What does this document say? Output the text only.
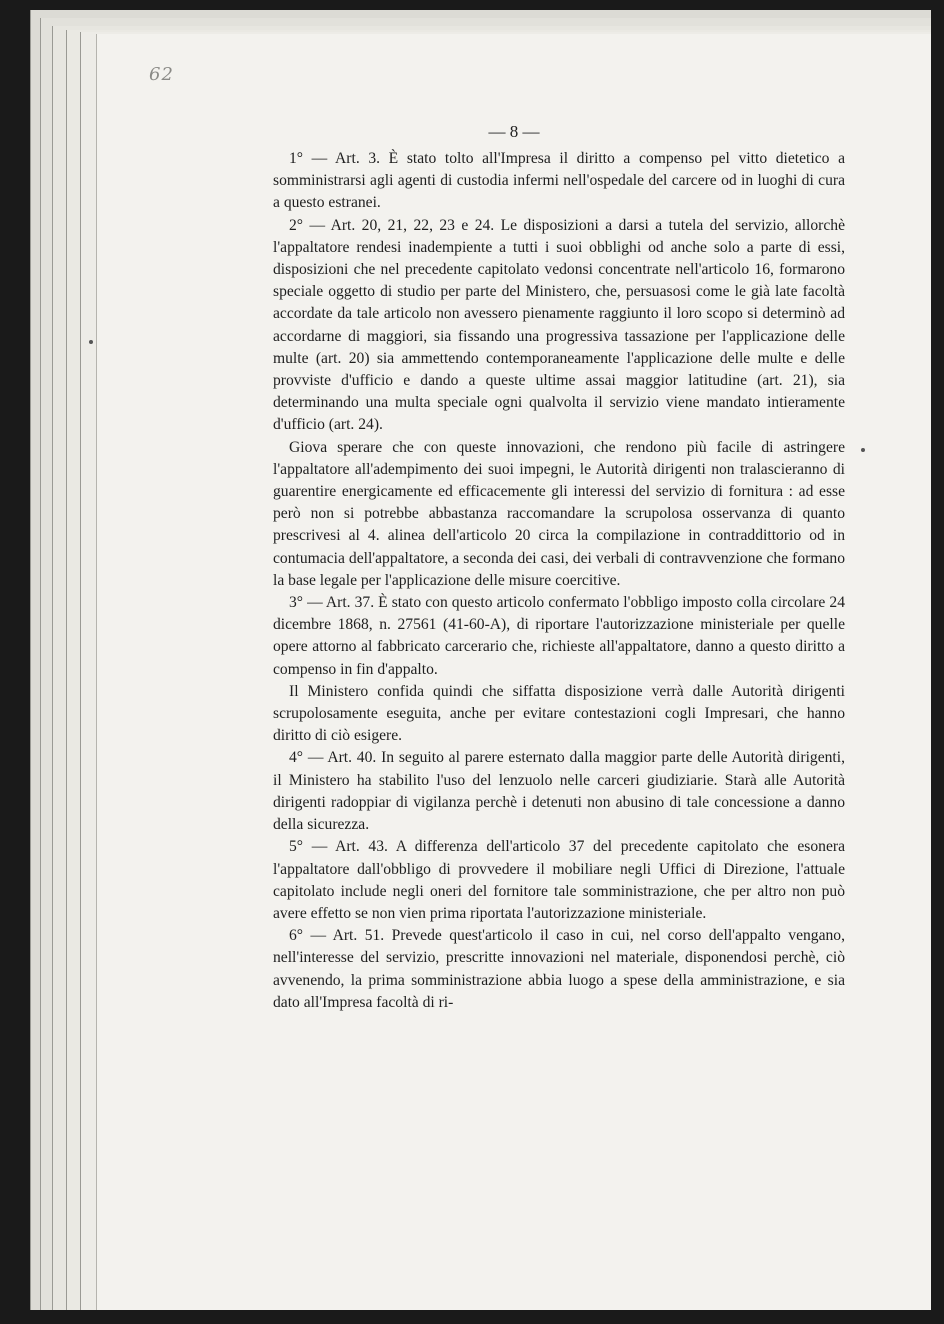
62
— 8 —

1° — Art. 3. È stato tolto all'Impresa il diritto a compenso pel vitto dietetico a somministrarsi agli agenti di custodia infermi nell'ospedale del carcere od in luoghi di cura a questo estranei.

2° — Art. 20, 21, 22, 23 e 24. Le disposizioni a darsi a tutela del servizio, allorchè l'appaltatore rendesi inadempiente a tutti i suoi obblighi od anche solo a parte di essi, disposizioni che nel precedente capitolato vedonsi concentrate nell'articolo 16, formarono speciale oggetto di studio per parte del Ministero, che, persuasosi come le già late facoltà accordate da tale articolo non avessero pienamente raggiunto il loro scopo si determinò ad accordarne di maggiori, sia fissando una progressiva tassazione per l'applicazione delle multe (art. 20) sia ammettendo contemporaneamente l'applicazione delle multe e delle provviste d'ufficio e dando a queste ultime assai maggior latitudine (art. 21), sia determinando una multa speciale ogni qualvolta il servizio viene mandato intieramente d'ufficio (art. 24).

Giova sperare che con queste innovazioni, che rendono più facile di astringere l'appaltatore all'adempimento dei suoi impegni, le Autorità dirigenti non tralascieranno di guarentire energicamente ed efficacemente gli interessi del servizio di fornitura : ad esse però non si potrebbe abbastanza raccomandare la scrupolosa osservanza di quanto prescrivesi al 4. alinea dell'articolo 20 circa la compilazione in contraddittorio od in contumacia dell'appaltatore, a seconda dei casi, dei verbali di contravvenzione che formano la base legale per l'applicazione delle misure coercitive.

3° — Art. 37. È stato con questo articolo confermato l'obbligo imposto colla circolare 24 dicembre 1868, n. 27561 (41-60-A), di riportare l'autorizzazione ministeriale per quelle opere attorno al fabbricato carcerario che, richieste all'appaltatore, danno a questo diritto a compenso in fin d'appalto.

Il Ministero confida quindi che siffatta disposizione verrà dalle Autorità dirigenti scrupolosamente eseguita, anche per evitare contestazioni cogli Impresari, che hanno diritto di ciò esigere.

4° — Art. 40. In seguito al parere esternato dalla maggior parte delle Autorità dirigenti, il Ministero ha stabilito l'uso del lenzuolo nelle carceri giudiziarie. Starà alle Autorità dirigenti radoppiar di vigilanza perchè i detenuti non abusino di tale concessione a danno della sicurezza.

5° — Art. 43. A differenza dell'articolo 37 del precedente capitolato che esonera l'appaltatore dall'obbligo di provvedere il mobiliare negli Uffici di Direzione, l'attuale capitolato include negli oneri del fornitore tale somministrazione, che per altro non può avere effetto se non vien prima riportata l'autorizzazione ministeriale.

6° — Art. 51. Prevede quest'articolo il caso in cui, nel corso dell'appalto vengano, nell'interesse del servizio, prescritte innovazioni nel materiale, disponendosi perchè, ciò avvenendo, la prima somministrazione abbia luogo a spese della amministrazione, e sia dato all'Impresa facoltà di ri-
